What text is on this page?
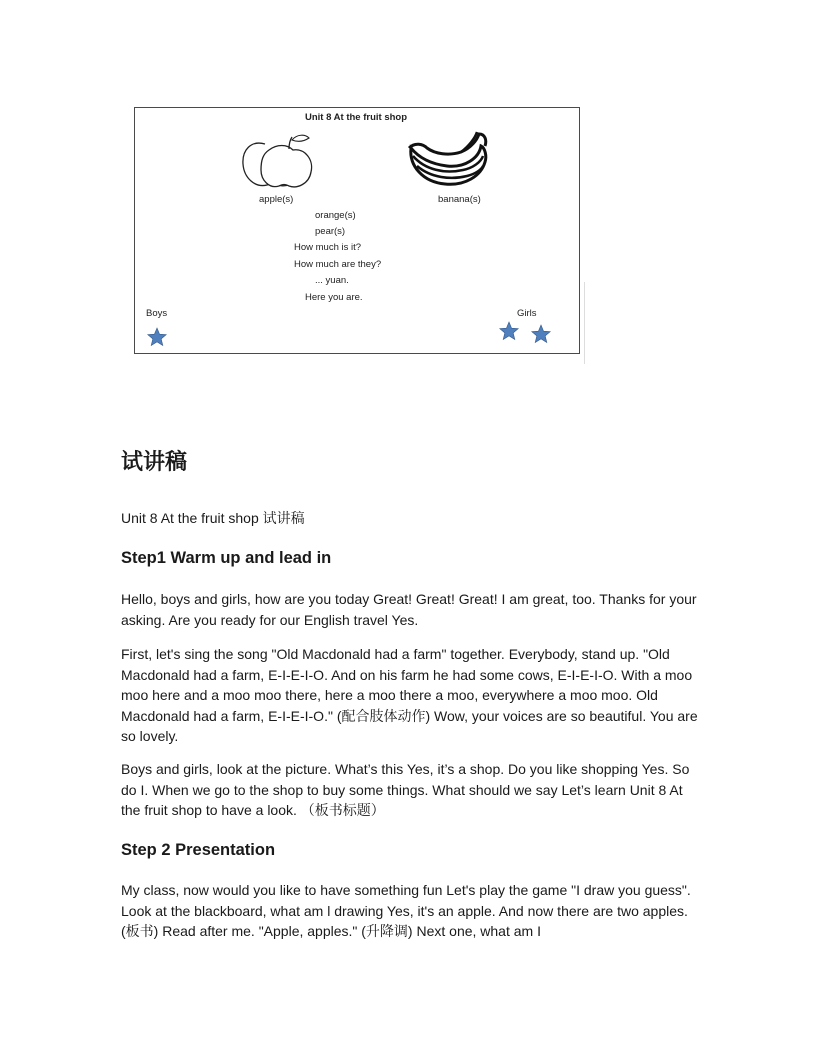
Unit 8 At the fruit shop
apple(s)	banana(s)
orange(s)
pear(s)
How much is it?
How much are they?
... yuan.
Here you are.
Boys	Girls
试讲稿
Unit 8 At the fruit shop 试讲稿
Step1 Warm up and lead in

Hello, boys and girls, how are you today Great! Great! Great! I am great, too. Thanks for your asking. Are you ready for our English travel Yes.

First, let's sing the song "Old Macdonald had a farm" together. Everybody, stand up. "Old Macdonald had a farm, E-I-E-I-O. And on his farm he had some cows, E-I-E-I-O. With a moo moo here and a moo moo there, here a moo there a moo, everywhere a moo moo. Old Macdonald had a farm, E-I-E-I-O." (配合肢体动作) Wow, your voices are so beautiful. You are so lovely.

Boys and girls, look at the picture. What’s this Yes, it’s a shop. Do you like shopping Yes. So do I. When we go to the shop to buy some things. What should we say Let’s learn Unit 8 At the fruit shop to have a look. （板书标题）

Step 2 Presentation

My class, now would you like to have something fun Let's play the game "I draw you guess". Look at the blackboard, what am l drawing Yes, it's an apple. And now there are two apples.(板书) Read after me. "Apple, apples." (升降调) Next one, what am I
